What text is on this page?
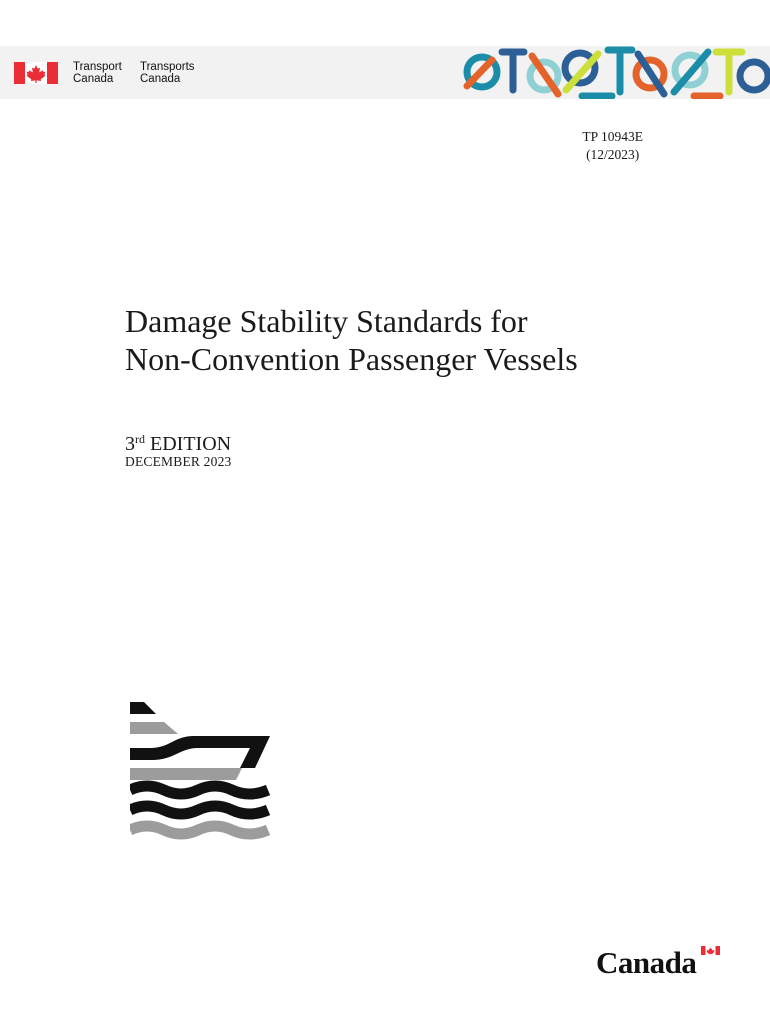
Transport
Canada
Transports
Canada
TP 10943E
(12/2023)
Damage Stability Standards for
Non-Convention Passenger Vessels
3rd EDITION
DECEMBER 2023
Canada
